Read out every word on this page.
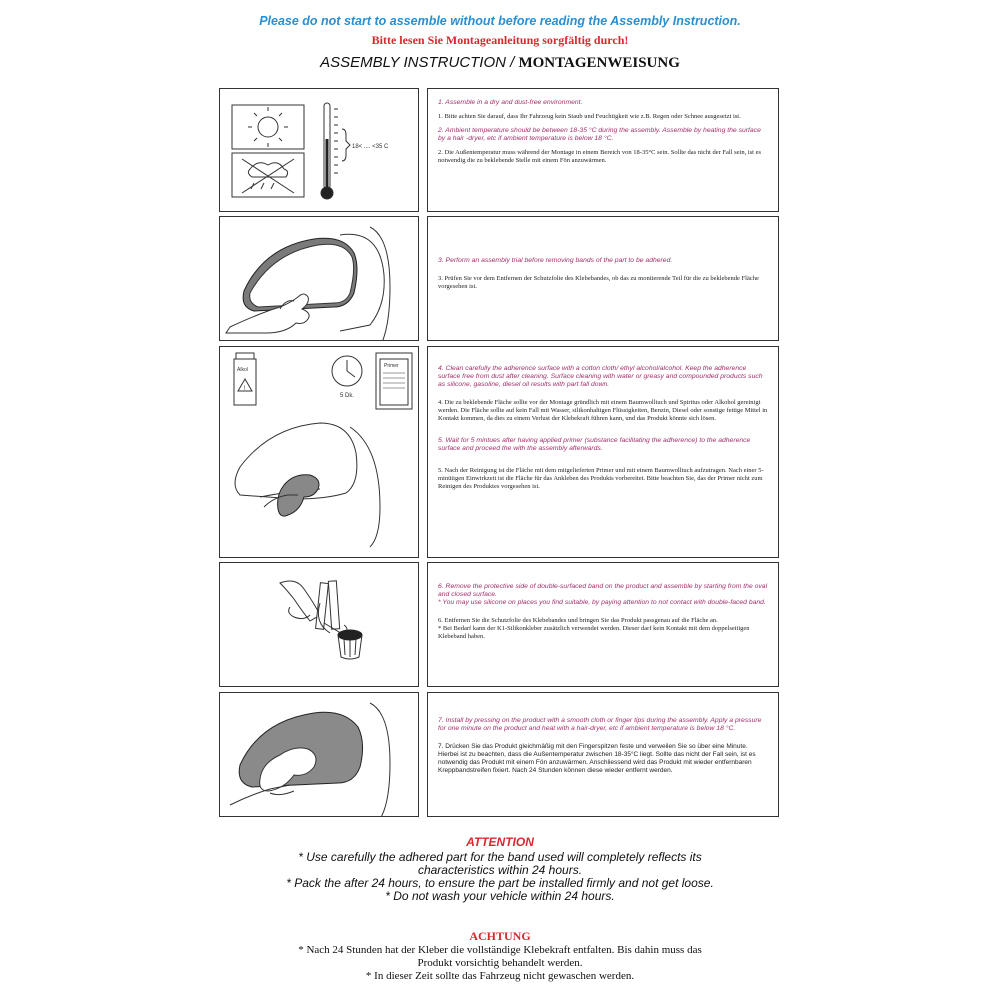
Please do not start to assemble without before reading the Assembly Instruction.
Bitte lesen Sie Montageanleitung sorgfältig durch!
ASSEMBLY INSTRUCTION / MONTAGENWEISUNG
18< .... <35 C

1. Assemble in a dry and dust-free environment.

1. Bitte achten Sie darauf, dass Ihr Fahrzeug kein Staub und Feuchtigkeit wie z.B. Regen oder Schnee ausgesetzt ist.

2. Ambient temperature should be between 18-35 °C during the assembly. Assemble by heating the surface by a hair -dryer, etc if ambient temperature is below 18 °C.

2. Die Außentemperatur muss während der Montage in einem Bereich von 18-35°C sein. Sollte das nicht der Fall sein, ist es notwendig die zu beklebende Stelle mit einem Fön anzuwärmen.

3. Perform an assembly trial before removing bands of the part to be adhered.

3. Prüfen Sie vor dem Entfernen der Schutzfolie des Klebebandes, ob das zu montierende Teil für die zu beklebende Fläche vorgesehen ist.

Alkol
!
5 Dk.
Primer	4. Clean carefully the adherence surface with a cotton cloth/ ethyl alcohol/alcohol. Keep the adherence surface free from dust after cleaning. Surface cleaning with water or greasy and compounded products such as silicone, gasoline, diesel oil results with part fall down.

4. Die zu beklebende Fläche sollte vor der Montage gründlich mit einem Baumwolltuch und Spiritus oder Alkohol gereinigt werden. Die Fläche sollte auf kein Fall mit Wasser, silikonhaltigen Flüssigkeiten, Benzin, Diesel oder sonstige fettige Mittel in Kontakt kommen, da dies zu einem Verlust der Klebekraft führen kann, und das Produkt könnte sich lösen.

5. Wait for 5 mintues after having applied primer (substance facilitating the adherence) to the adherence surface and proceed the with the assembly afterwards.

5. Nach der Reinigung ist die Fläche mit dem mitgelieferten Primer und mit einem Baumwolltuch aufzutragen. Nach einer 5-minütigen Einwirkzeit ist die Fläche für das Ankleben des Produkts vorbereitet. Bitte beachten Sie, das der Primer nicht zum Reinigen des Produktes vorgesehen ist.

6. Remove the protective side of double-surfaced band on the product and assemble by starting from the oval and closed surface.

* You may use silicone on places you find suitable, by paying attention to not contact with double-faced band.

6. Entfernen Sie die Schutzfolie des Klebebandes und bringen Sie das Produkt passgenau auf die Fläche an.

* Bei Bedarf kann der K1-Silikonkleber zusätzlich verwendet werden. Dieser darf kein Kontakt mit dem doppelseitigen Klebeband haben.

7. Install by pressing on the product with a smooth cloth or finger tips during the assembly. Apply a pressure for one minute on the product and heat with a hair-dryer, etc if ambient temperature is below 18 °C.

7. Drücken Sie das Produkt gleichmäßig mit den Fingerspitzen feste und verweilen Sie so über eine Minute. Hierbei ist zu beachten, dass die Außentemperatur zwischen 18-35°C liegt. Sollte das nicht der Fall sein, ist es notwendig das Produkt mit einem Fön anzuwärmen. Anschliessend wird das Produkt mit wieder entfernbaren Kreppbandstreifen fixiert. Nach 24 Stunden können diese wieder entfernt werden.

ATTENTION
* Use carefully the adhered part for the band used will completely reflects its
characteristics within 24 hours.
* Pack the after 24 hours, to ensure the part be installed firmly and not get loose.
* Do not wash your vehicle within 24 hours.
ACHTUNG
* Nach 24 Stunden hat der Kleber die vollständige Klebekraft entfalten. Bis dahin muss das
Produkt vorsichtig behandelt werden.
* In dieser Zeit sollte das Fahrzeug nicht gewaschen werden.
